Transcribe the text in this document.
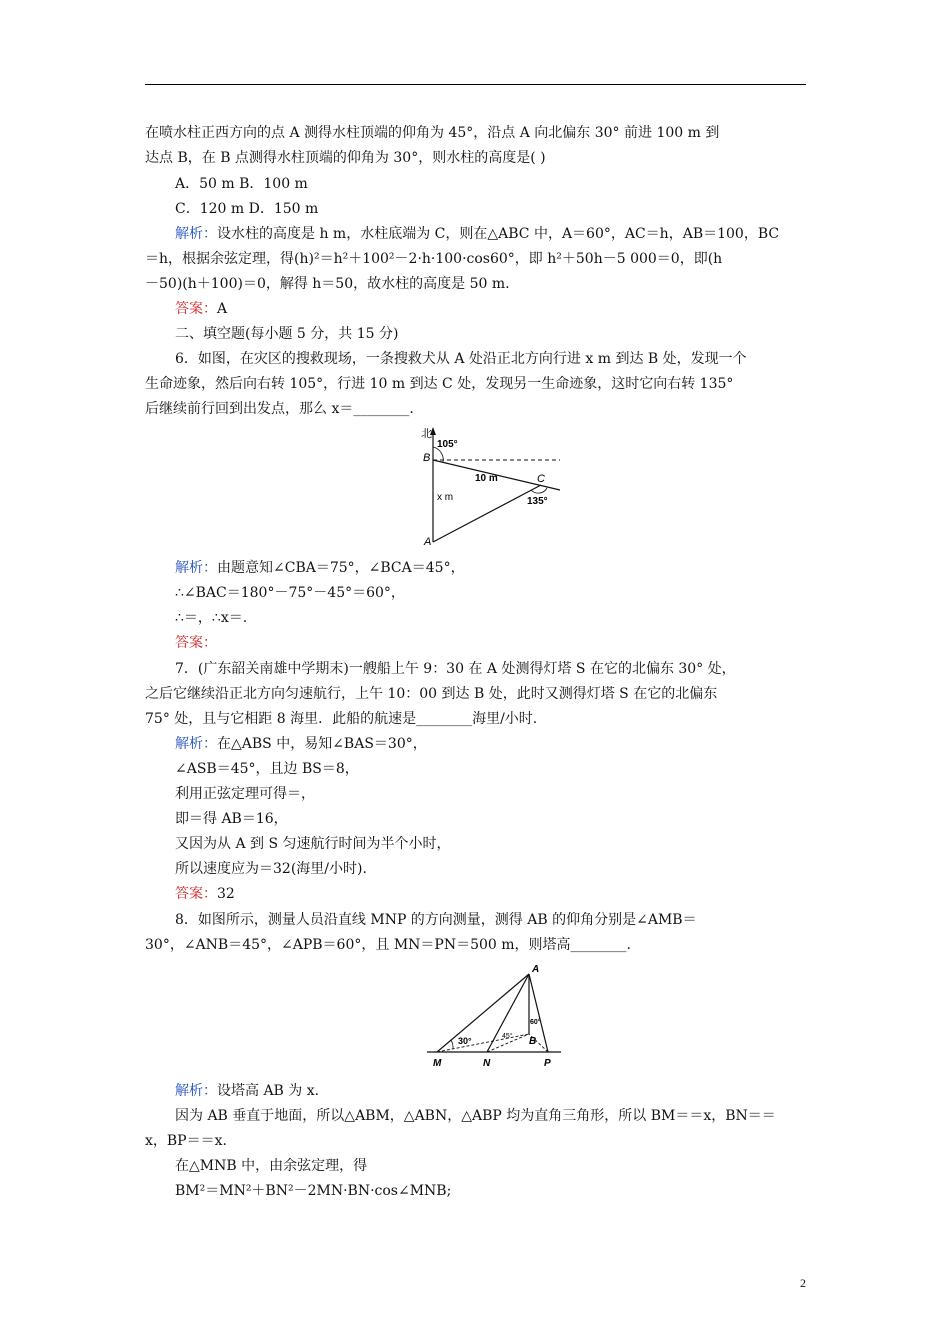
在喷水柱正西方向的点 A 测得水柱顶端的仰角为 45°，沿点 A 向北偏东 30° 前进 100 m 到
达点 B，在 B 点测得水柱顶端的仰角为 30°，则水柱的高度是( )
A．50 m B．100 m
C．120 m D．150 m
解析：设水柱的高度是 h m，水柱底端为 C，则在△ABC 中，A＝60°，AC＝h，AB＝100，BC
＝h，根据余弦定理，得(h)²＝h²＋100²－2·h·100·cos60°，即 h²＋50h－5 000＝0，即(h
－50)(h＋100)＝0，解得 h＝50，故水柱的高度是 50 m.
答案：A
二、填空题(每小题 5 分，共 15 分)
6．如图，在灾区的搜救现场，一条搜救犬从 A 处沿正北方向行进 x m 到达 B 处，发现一个
生命迹象，然后向右转 105°，行进 10 m 到达 C 处，发现另一生命迹象，这时它向右转 135°
后继续前行回到出发点，那么 x＝________.
北
105°
B
10 m	C
135°
x m
A
解析：由题意知∠CBA＝75°，∠BCA＝45°，
∴∠BAC＝180°－75°－45°＝60°，
∴＝，∴x＝.
答案：
7．(广东韶关南雄中学期末)一艘船上午 9：30 在 A 处测得灯塔 S 在它的北偏东 30° 处，
之后它继续沿正北方向匀速航行，上午 10：00 到达 B 处，此时又测得灯塔 S 在它的北偏东
75° 处，且与它相距 8 海里．此船的航速是________海里/小时.
解析：在△ABS 中，易知∠BAS＝30°，
∠ASB＝45°，且边 BS＝8，
利用正弦定理可得＝，
即＝得 AB＝16，
又因为从 A 到 S 匀速航行时间为半个小时，
所以速度应为＝32(海里/小时).
答案：32
8．如图所示，测量人员沿直线 MNP 的方向测量，测得 AB 的仰角分别是∠AMB＝
30°，∠ANB＝45°，∠APB＝60°，且 MN＝PN＝500 m，则塔高________.
A
B
30°	45°
60°
M	N	P
解析：设塔高 AB 为 x.
因为 AB 垂直于地面，所以△ABM，△ABN，△ABP 均为直角三角形，所以 BM＝＝x，BN＝＝
x，BP＝＝x.
在△MNB 中，由余弦定理，得
BM²＝MN²＋BN²－2MN·BN·cos∠MNB;
2
